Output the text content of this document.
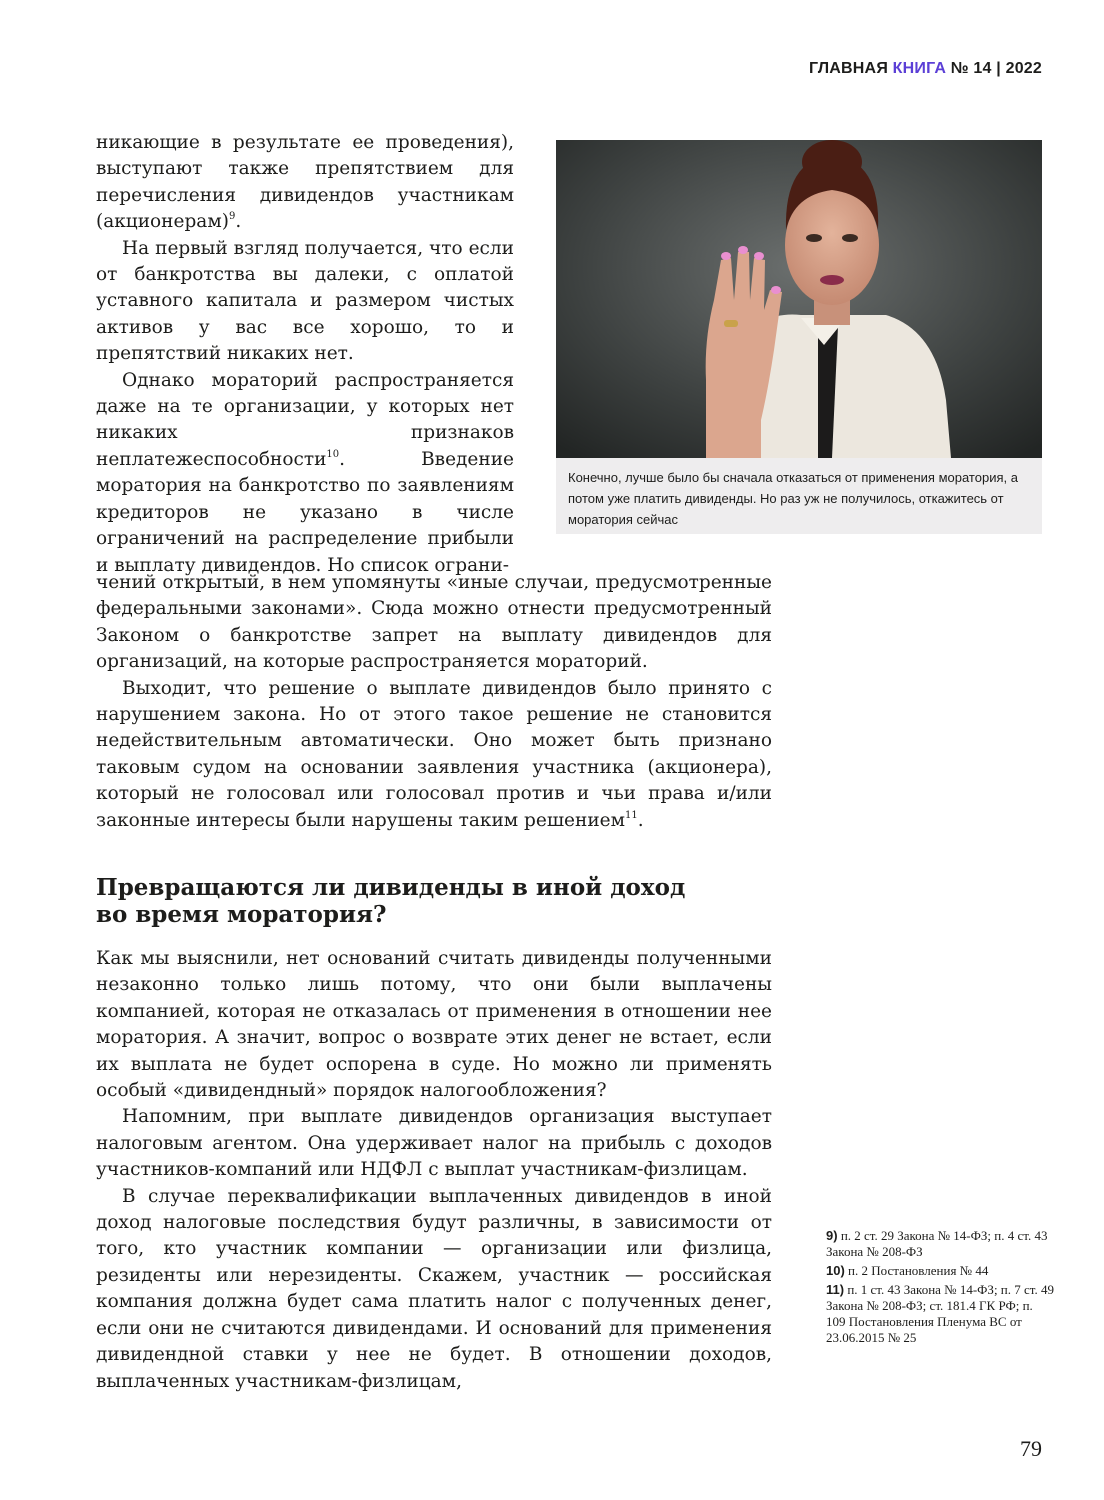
ГЛАВНАЯ КНИГА № 14 | 2022
Конечно, лучше было бы сначала отказаться от применения моратория, а потом уже платить дивиденды. Но раз уж не получилось, откажитесь от моратория сейчас

никающие в результате ее проведения), выступают также препятствием для перечисления дивидендов участникам (акционерам)$^9$.

На первый взгляд получается, что если от банкротства вы далеки, с оплатой уставного капитала и размером чистых активов у вас все хорошо, то и препятствий никаких нет.

Однако мораторий распространяется даже на те организации, у которых нет никаких признаков неплатежеспособности$^{10}$. Введение моратория на банкротство по заявлениям кредиторов не указано в числе ограничений на распределение прибыли и выплату дивидендов. Но список ограни-

чений открытый, в нем упомянуты «иные случаи, предусмотренные федеральными законами». Сюда можно отнести предусмотренный Законом о банкротстве запрет на выплату дивидендов для организаций, на которые распространяется мораторий.

Выходит, что решение о выплате дивидендов было принято с нарушением закона. Но от этого такое решение не становится недействительным автоматически. Оно может быть признано таковым судом на основании заявления участника (акционера), который не голосовал или голосовал против и чьи права и/или законные интересы были нарушены таким решением$^{11}$.

Превращаются ли дивиденды в иной доход
во время моратория?

Как мы выяснили, нет оснований считать дивиденды полученными незаконно только лишь потому, что они были выплачены компанией, которая не отказалась от применения в отношении нее моратория. А значит, вопрос о возврате этих денег не встает, если их выплата не будет оспорена в суде. Но можно ли применять особый «дивидендный» порядок налогообложения?

Напомним, при выплате дивидендов организация выступает налоговым агентом. Она удерживает налог на прибыль с доходов участников-компаний или НДФЛ с выплат участникам-физлицам.

В случае переквалификации выплаченных дивидендов в иной доход налоговые последствия будут различны, в зависимости от того, кто участник компании — организации или физлица, резиденты или нерезиденты. Скажем, участник — российская компания должна будет сама платить налог с полученных денег, если они не считаются дивидендами. И оснований для применения дивидендной ставки у нее не будет. В отношении доходов, выплаченных участникам-физлицам,

9) п. 2 ст. 29 Закона № 14-ФЗ; п. 4 ст. 43 Закона № 208-ФЗ
10) п. 2 Постановления № 44
11) п. 1 ст. 43 Закона № 14-ФЗ; п. 7 ст. 49 Закона № 208-ФЗ; ст. 181.4 ГК РФ; п. 109 Постановления Пленума ВС от 23.06.2015 № 25
79
